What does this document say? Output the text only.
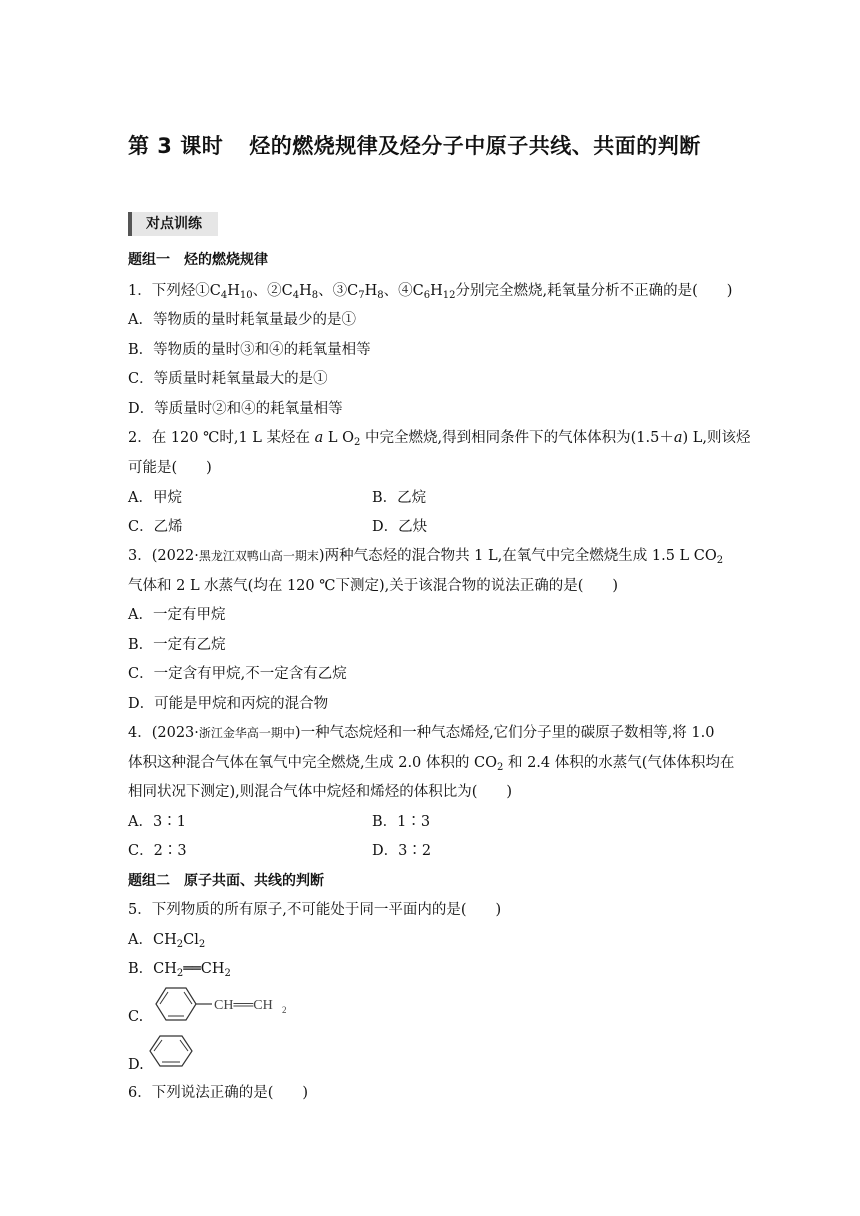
第 3 课时 烃的燃烧规律及烃分子中原子共线、共面的判断
对点训练
题组一　烃的燃烧规律
1．下列烃$①C_4H_{10}$、$②C_4H_8$、$③C_7H_8$、$④C_6H_{12}$分别完全燃烧,耗氧量分析不正确的是(　　)
A．等物质的量时耗氧量最少的是①
B．等物质的量时③和④的耗氧量相等
C．等质量时耗氧量最大的是①
D．等质量时②和④的耗氧量相等
2．在 120 ℃时,1 L 某烃在 a L $O_2$ 中完全燃烧,得到相同条件下的气体体积为(1.5＋a) L,则该烃
可能是(　　)
A．甲烷	B．乙烷
C．乙烯	D．乙炔
3．(2022·黑龙江双鸭山高一期末)两种气态烃的混合物共 1 L,在氧气中完全燃烧生成 1.5 L $CO_2$
气体和 2 L 水蒸气(均在 120 ℃下测定),关于该混合物的说法正确的是(　　)
A．一定有甲烷
B．一定有乙烷
C．一定含有甲烷,不一定含有乙烷
D．可能是甲烷和丙烷的混合物
4．(2023·浙江金华高一期中)一种气态烷烃和一种气态烯烃,它们分子里的碳原子数相等,将 1.0
体积这种混合气体在氧气中完全燃烧,生成 2.0 体积的 $CO_2$ 和 2.4 体积的水蒸气(气体体积均在
相同状况下测定),则混合气体中烷烃和烯烃的体积比为(　　)
A．3∶1	B．1∶3
C．2∶3	D．3∶2
题组二　原子共面、共线的判断
5．下列物质的所有原子,不可能处于同一平面内的是(　　)
A．$CH_2Cl_2$
B．$CH_2══CH_2$
C.
CH══CH 2
D.
6．下列说法正确的是(　　)
